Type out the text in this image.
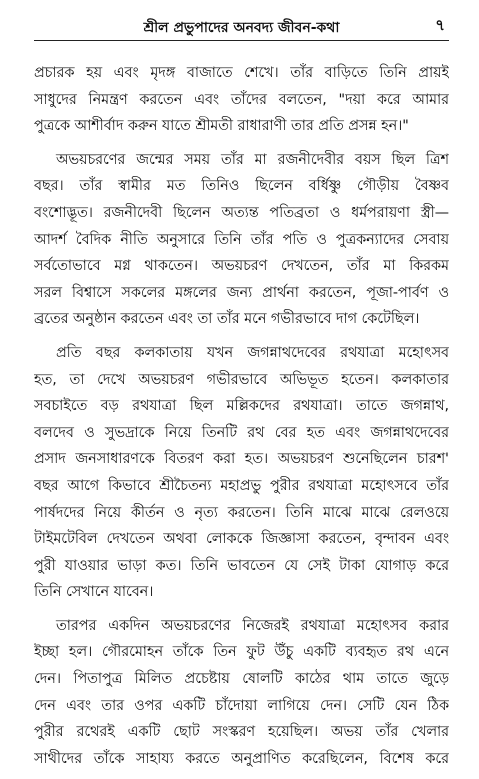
শ্রীল প্রভুপাদের অনবদ্য জীবন-কথা	৭
প্রচারক হয় এবং মৃদঙ্গ বাজাতে শেখে। তাঁর বাড়িতে তিনি প্রায়ই
সাধুদের নিমন্ত্রণ করতেন এবং তাঁদের বলতেন, "দয়া করে আমার
পুত্রকে আশীর্বাদ করুন যাতে শ্রীমতী রাধারাণী তার প্রতি প্রসন্ন হন।"
অভয়চরণের জন্মের সময় তাঁর মা রজনীদেবীর বয়স ছিল ত্রিশ
বছর। তাঁর স্বামীর মত তিনিও ছিলেন বর্ধিষ্ণু গৌড়ীয় বৈষ্ণব
বংশোদ্ভূত। রজনীদেবী ছিলেন অত্যন্ত পতিব্রতা ও ধর্মপরায়ণা স্ত্রী—
আদর্শ বৈদিক নীতি অনুসারে তিনি তাঁর পতি ও পুত্রকন্যাদের সেবায়
সর্বতোভাবে মগ্ন থাকতেন। অভয়চরণ দেখতেন, তাঁর মা কিরকম
সরল বিশ্বাসে সকলের মঙ্গলের জন্য প্রার্থনা করতেন, পূজা-পার্বণ ও
ব্রতের অনুষ্ঠান করতেন এবং তা তাঁর মনে গভীরভাবে দাগ কেটেছিল।
প্রতি বছর কলকাতায় যখন জগন্নাথদেবের রথযাত্রা মহোৎসব
হত, তা দেখে অভয়চরণ গভীরভাবে অভিভূত হতেন। কলকাতার
সবচাইতে বড় রথযাত্রা ছিল মল্লিকদের রথযাত্রা। তাতে জগন্নাথ,
বলদেব ও সুভদ্রাকে নিয়ে তিনটি রথ বের হত এবং জগন্নাথদেবের
প্রসাদ জনসাধারণকে বিতরণ করা হত। অভয়চরণ শুনেছিলেন চারশ'
বছর আগে কিভাবে শ্রীচৈতন্য মহাপ্রভু পুরীর রথযাত্রা মহোৎসবে তাঁর
পার্ষদদের নিয়ে কীর্তন ও নৃত্য করতেন। তিনি মাঝে মাঝে রেলওয়ে
টাইমটেবিল দেখতেন অথবা লোককে জিজ্ঞাসা করতেন, বৃন্দাবন এবং
পুরী যাওয়ার ভাড়া কত। তিনি ভাবতেন যে সেই টাকা যোগাড় করে
তিনি সেখানে যাবেন।
তারপর একদিন অভয়চরণের নিজেরই রথযাত্রা মহোৎসব করার
ইচ্ছা হল। গৌরমোহন তাঁকে তিন ফুট উঁচু একটি ব্যবহৃত রথ এনে
দেন। পিতাপুত্র মিলিত প্রচেষ্টায় ষোলটি কাঠের থাম তাতে জুড়ে
দেন এবং তার ওপর একটি চাঁদোয়া লাগিয়ে দেন। সেটি যেন ঠিক
পুরীর রথেরই একটি ছোট সংস্করণ হয়েছিল। অভয় তাঁর খেলার
সাথীদের তাঁকে সাহায্য করতে অনুপ্রাণিত করেছিলেন, বিশেষ করে
